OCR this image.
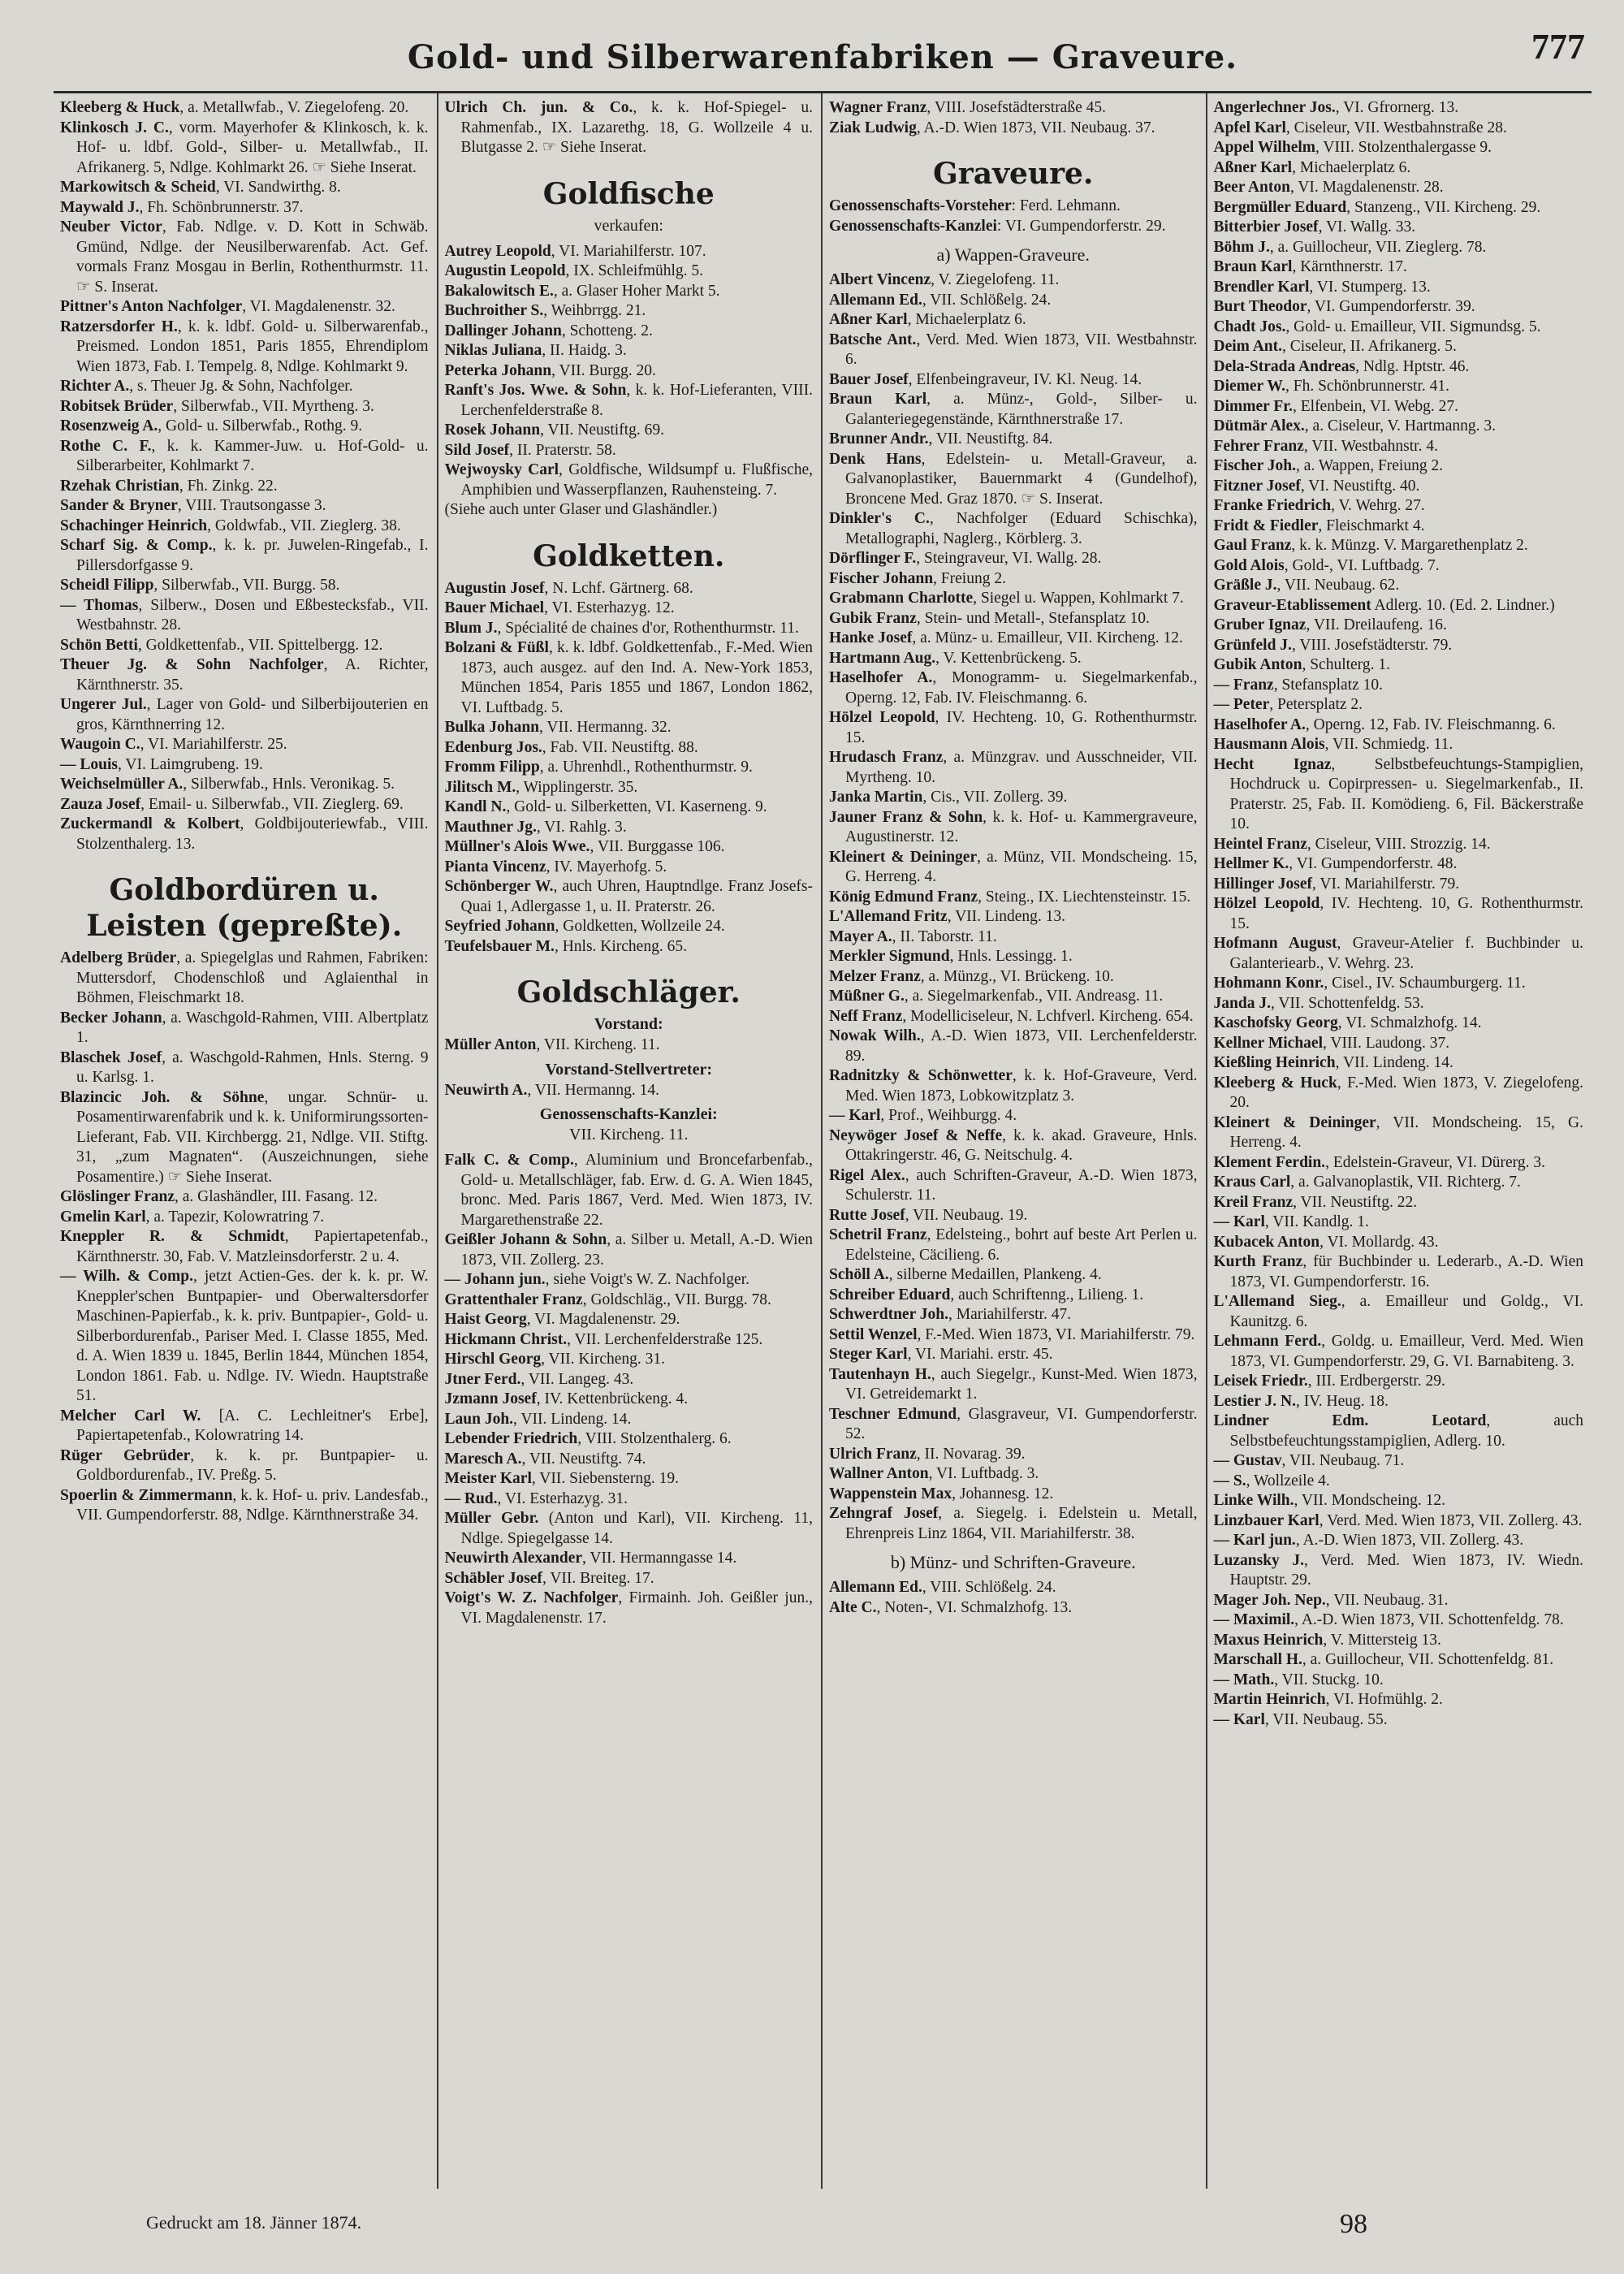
Gold- und Silberwarenfabriken — Graveure.	777

Kleeberg & Huck, a. Metallwfab., V. Ziegelofeng. 20.

Klinkosch J. C., vorm. Mayerhofer & Klinkosch, k. k. Hof- u. ldbf. Gold-, Silber- u. Metallwfab., II. Afrikanerg. 5, Ndlge. Kohlmarkt 26. ☞ Siehe Inserat.

Markowitsch & Scheid, VI. Sandwirthg. 8.

Maywald J., Fh. Schönbrunnerstr. 37.

Neuber Victor, Fab. Ndlge. v. D. Kott in Schwäb. Gmünd, Ndlge. der Neusilberwarenfab. Act. Gef. vormals Franz Mosgau in Berlin, Rothenthurmstr. 11. ☞ S. Inserat.

Pittner's Anton Nachfolger, VI. Magdalenenstr. 32.

Ratzersdorfer H., k. k. ldbf. Gold- u. Silberwarenfab., Preismed. London 1851, Paris 1855, Ehrendiplom Wien 1873, Fab. I. Tempelg. 8, Ndlge. Kohlmarkt 9.

Richter A., s. Theuer Jg. & Sohn, Nachfolger.

Robitsek Brüder, Silberwfab., VII. Myrtheng. 3.

Rosenzweig A., Gold- u. Silberwfab., Rothg. 9.

Rothe C. F., k. k. Kammer-Juw. u. Hof-Gold- u. Silberarbeiter, Kohlmarkt 7.

Rzehak Christian, Fh. Zinkg. 22.

Sander & Bryner, VIII. Trautsongasse 3.

Schachinger Heinrich, Goldwfab., VII. Zieglerg. 38.

Scharf Sig. & Comp., k. k. pr. Juwelen-Ringefab., I. Pillersdorfgasse 9.

Scheidl Filipp, Silberwfab., VII. Burgg. 58.

— Thomas, Silberw., Dosen und Eßbestecksfab., VII. Westbahnstr. 28.

Schön Betti, Goldkettenfab., VII. Spittelbergg. 12.

Theuer Jg. & Sohn Nachfolger, A. Richter, Kärnthnerstr. 35.

Ungerer Jul., Lager von Gold- und Silberbijouterien en gros, Kärnthnerring 12.

Waugoin C., VI. Mariahilferstr. 25.

— Louis, VI. Laimgrubeng. 19.

Weichselmüller A., Silberwfab., Hnls. Veronikag. 5.

Zauza Josef, Email- u. Silberwfab., VII. Zieglerg. 69.

Zuckermandl & Kolbert, Goldbijouteriewfab., VIII. Stolzenthalerg. 13.

Goldbordüren u. Leisten (gepreßte).

Adelberg Brüder, a. Spiegelglas und Rahmen, Fabriken: Muttersdorf, Chodenschloß und Aglaienthal in Böhmen, Fleischmarkt 18.

Becker Johann, a. Waschgold-Rahmen, VIII. Albertplatz 1.

Blaschek Josef, a. Waschgold-Rahmen, Hnls. Sterng. 9 u. Karlsg. 1.

Blazincic Joh. & Söhne, ungar. Schnür- u. Posamentirwarenfabrik und k. k. Uniformirungssorten-Lieferant, Fab. VII. Kirchbergg. 21, Ndlge. VII. Stiftg. 31, „zum Magnaten“. (Auszeichnungen, siehe Posamentire.) ☞ Siehe Inserat.

Glöslinger Franz, a. Glashändler, III. Fasang. 12.

Gmelin Karl, a. Tapezir, Kolowratring 7.

Kneppler R. & Schmidt, Papiertapetenfab., Kärnthnerstr. 30, Fab. V. Matzleinsdorferstr. 2 u. 4.

— Wilh. & Comp., jetzt Actien-Ges. der k. k. pr. W. Kneppler'schen Buntpapier- und Oberwaltersdorfer Maschinen-Papierfab., k. k. priv. Buntpapier-, Gold- u. Silberbordurenfab., Pariser Med. I. Classe 1855, Med. d. A. Wien 1839 u. 1845, Berlin 1844, München 1854, London 1861. Fab. u. Ndlge. IV. Wiedn. Hauptstraße 51.

Melcher Carl W. [A. C. Lechleitner's Erbe], Papiertapetenfab., Kolowratring 14.

Rüger Gebrüder, k. k. pr. Buntpapier- u. Goldbordurenfab., IV. Preßg. 5.

Spoerlin & Zimmermann, k. k. Hof- u. priv. Landesfab., VII. Gumpendorferstr. 88, Ndlge. Kärnthnerstraße 34.

Ulrich Ch. jun. & Co., k. k. Hof-Spiegel- u. Rahmenfab., IX. Lazarethg. 18, G. Wollzeile 4 u. Blutgasse 2. ☞ Siehe Inserat.

Goldfische
verkaufen:

Autrey Leopold, VI. Mariahilferstr. 107.

Augustin Leopold, IX. Schleifmühlg. 5.

Bakalowitsch E., a. Glaser Hoher Markt 5.

Buchroither S., Weihbrrgg. 21.

Dallinger Johann, Schotteng. 2.

Niklas Juliana, II. Haidg. 3.

Peterka Johann, VII. Burgg. 20.

Ranft's Jos. Wwe. & Sohn, k. k. Hof-Lieferanten, VIII. Lerchenfelderstraße 8.

Rosek Johann, VII. Neustiftg. 69.

Sild Josef, II. Praterstr. 58.

Wejwoysky Carl, Goldfische, Wildsumpf u. Flußfische, Amphibien und Wasserpflanzen, Rauhensteing. 7.

(Siehe auch unter Glaser und Glashändler.)

Goldketten.

Augustin Josef, N. Lchf. Gärtnerg. 68.

Bauer Michael, VI. Esterhazyg. 12.

Blum J., Spécialité de chaines d'or, Rothenthurmstr. 11.

Bolzani & Füßl, k. k. ldbf. Goldkettenfab., F.-Med. Wien 1873, auch ausgez. auf den Ind. A. New-York 1853, München 1854, Paris 1855 und 1867, London 1862, VI. Luftbadg. 5.

Bulka Johann, VII. Hermanng. 32.

Edenburg Jos., Fab. VII. Neustiftg. 88.

Fromm Filipp, a. Uhrenhdl., Rothenthurmstr. 9.

Jilitsch M., Wipplingerstr. 35.

Kandl N., Gold- u. Silberketten, VI. Kaserneng. 9.

Mauthner Jg., VI. Rahlg. 3.

Müllner's Alois Wwe., VII. Burggasse 106.

Pianta Vincenz, IV. Mayerhofg. 5.

Schönberger W., auch Uhren, Hauptndlge. Franz Josefs-Quai 1, Adlergasse 1, u. II. Praterstr. 26.

Seyfried Johann, Goldketten, Wollzeile 24.

Teufelsbauer M., Hnls. Kircheng. 65.

Goldschläger.
Vorstand:

Müller Anton, VII. Kircheng. 11.

Vorstand-Stellvertreter:

Neuwirth A., VII. Hermanng. 14.

Genossenschafts-Kanzlei:
VII. Kircheng. 11.

Falk C. & Comp., Aluminium und Broncefarbenfab., Gold- u. Metallschläger, fab. Erw. d. G. A. Wien 1845, bronc. Med. Paris 1867, Verd. Med. Wien 1873, IV. Margarethenstraße 22.

Geißler Johann & Sohn, a. Silber u. Metall, A.-D. Wien 1873, VII. Zollerg. 23.

— Johann jun., siehe Voigt's W. Z. Nachfolger.

Grattenthaler Franz, Goldschläg., VII. Burgg. 78.

Haist Georg, VI. Magdalenenstr. 29.

Hickmann Christ., VII. Lerchenfelderstraße 125.

Hirschl Georg, VII. Kircheng. 31.

Jtner Ferd., VII. Langeg. 43.

Jzmann Josef, IV. Kettenbrückeng. 4.

Laun Joh., VII. Lindeng. 14.

Lebender Friedrich, VIII. Stolzenthalerg. 6.

Maresch A., VII. Neustiftg. 74.

Meister Karl, VII. Siebensterng. 19.

— Rud., VI. Esterhazyg. 31.

Müller Gebr. (Anton und Karl), VII. Kircheng. 11, Ndlge. Spiegelgasse 14.

Neuwirth Alexander, VII. Hermanngasse 14.

Schäbler Josef, VII. Breiteg. 17.

Voigt's W. Z. Nachfolger, Firmainh. Joh. Geißler jun., VI. Magdalenenstr. 17.

Wagner Franz, VIII. Josefstädterstraße 45.

Ziak Ludwig, A.-D. Wien 1873, VII. Neubaug. 37.

Graveure.

Genossenschafts-Vorsteher: Ferd. Lehmann.

Genossenschafts-Kanzlei: VI. Gumpendorferstr. 29.

a) Wappen-Graveure.

Albert Vincenz, V. Ziegelofeng. 11.

Allemann Ed., VII. Schlößelg. 24.

Aßner Karl, Michaelerplatz 6.

Batsche Ant., Verd. Med. Wien 1873, VII. Westbahnstr. 6.

Bauer Josef, Elfenbeingraveur, IV. Kl. Neug. 14.

Braun Karl, a. Münz-, Gold-, Silber- u. Galanteriegegenstände, Kärnthnerstraße 17.

Brunner Andr., VII. Neustiftg. 84.

Denk Hans, Edelstein- u. Metall-Graveur, a. Galvanoplastiker, Bauernmarkt 4 (Gundelhof), Broncene Med. Graz 1870. ☞ S. Inserat.

Dinkler's C., Nachfolger (Eduard Schischka), Metallographi, Naglerg., Körblerg. 3.

Dörflinger F., Steingraveur, VI. Wallg. 28.

Fischer Johann, Freiung 2.

Grabmann Charlotte, Siegel u. Wappen, Kohlmarkt 7.

Gubik Franz, Stein- und Metall-, Stefansplatz 10.

Hanke Josef, a. Münz- u. Emailleur, VII. Kircheng. 12.

Hartmann Aug., V. Kettenbrückeng. 5.

Haselhofer A., Monogramm- u. Siegelmarkenfab., Operng. 12, Fab. IV. Fleischmanng. 6.

Hölzel Leopold, IV. Hechteng. 10, G. Rothenthurmstr. 15.

Hrudasch Franz, a. Münzgrav. und Ausschneider, VII. Myrtheng. 10.

Janka Martin, Cis., VII. Zollerg. 39.

Jauner Franz & Sohn, k. k. Hof- u. Kammergraveure, Augustinerstr. 12.

Kleinert & Deininger, a. Münz, VII. Mondscheing. 15, G. Herreng. 4.

König Edmund Franz, Steing., IX. Liechtensteinstr. 15.

L'Allemand Fritz, VII. Lindeng. 13.

Mayer A., II. Taborstr. 11.

Merkler Sigmund, Hnls. Lessingg. 1.

Melzer Franz, a. Münzg., VI. Brückeng. 10.

Müßner G., a. Siegelmarkenfab., VII. Andreasg. 11.

Neff Franz, Modelliciseleur, N. Lchfverl. Kircheng. 654.

Nowak Wilh., A.-D. Wien 1873, VII. Lerchenfelderstr. 89.

Radnitzky & Schönwetter, k. k. Hof-Graveure, Verd. Med. Wien 1873, Lobkowitzplatz 3.

— Karl, Prof., Weihburgg. 4.

Neywöger Josef & Neffe, k. k. akad. Graveure, Hnls. Ottakringerstr. 46, G. Neitschulg. 4.

Rigel Alex., auch Schriften-Graveur, A.-D. Wien 1873, Schulerstr. 11.

Rutte Josef, VII. Neubaug. 19.

Schetril Franz, Edelsteing., bohrt auf beste Art Perlen u. Edelsteine, Cäcilieng. 6.

Schöll A., silberne Medaillen, Plankeng. 4.

Schreiber Eduard, auch Schriftenng., Lilieng. 1.

Schwerdtner Joh., Mariahilferstr. 47.

Settil Wenzel, F.-Med. Wien 1873, VI. Mariahilferstr. 79.

Steger Karl, VI. Mariahi. erstr. 45.

Tautenhayn H., auch Siegelgr., Kunst-Med. Wien 1873, VI. Getreidemarkt 1.

Teschner Edmund, Glasgraveur, VI. Gumpendorferstr. 52.

Ulrich Franz, II. Novarag. 39.

Wallner Anton, VI. Luftbadg. 3.

Wappenstein Max, Johannesg. 12.

Zehngraf Josef, a. Siegelg. i. Edelstein u. Metall, Ehrenpreis Linz 1864, VII. Mariahilferstr. 38.

b) Münz- und Schriften-Graveure.

Allemann Ed., VIII. Schlößelg. 24.

Alte C., Noten-, VI. Schmalzhofg. 13.

Angerlechner Jos., VI. Gfrornerg. 13.

Apfel Karl, Ciseleur, VII. Westbahnstraße 28.

Appel Wilhelm, VIII. Stolzenthalergasse 9.

Aßner Karl, Michaelerplatz 6.

Beer Anton, VI. Magdalenenstr. 28.

Bergmüller Eduard, Stanzeng., VII. Kircheng. 29.

Bitterbier Josef, VI. Wallg. 33.

Böhm J., a. Guillocheur, VII. Zieglerg. 78.

Braun Karl, Kärnthnerstr. 17.

Brendler Karl, VI. Stumperg. 13.

Burt Theodor, VI. Gumpendorferstr. 39.

Chadt Jos., Gold- u. Emailleur, VII. Sigmundsg. 5.

Deim Ant., Ciseleur, II. Afrikanerg. 5.

Dela-Strada Andreas, Ndlg. Hptstr. 46.

Diemer W., Fh. Schönbrunnerstr. 41.

Dimmer Fr., Elfenbein, VI. Webg. 27.

Dütmär Alex., a. Ciseleur, V. Hartmanng. 3.

Fehrer Franz, VII. Westbahnstr. 4.

Fischer Joh., a. Wappen, Freiung 2.

Fitzner Josef, VI. Neustiftg. 40.

Franke Friedrich, V. Wehrg. 27.

Fridt & Fiedler, Fleischmarkt 4.

Gaul Franz, k. k. Münzg. V. Margarethenplatz 2.

Gold Alois, Gold-, VI. Luftbadg. 7.

Gräßle J., VII. Neubaug. 62.

Graveur-Etablissement Adlerg. 10. (Ed. 2. Lindner.)

Gruber Ignaz, VII. Dreilaufeng. 16.

Grünfeld J., VIII. Josefstädterstr. 79.

Gubik Anton, Schulterg. 1.

— Franz, Stefansplatz 10.

— Peter, Petersplatz 2.

Haselhofer A., Operng. 12, Fab. IV. Fleischmanng. 6.

Hausmann Alois, VII. Schmiedg. 11.

Hecht Ignaz, Selbstbefeuchtungs-Stampiglien, Hochdruck u. Copirpressen- u. Siegelmarkenfab., II. Praterstr. 25, Fab. II. Komödieng. 6, Fil. Bäckerstraße 10.

Heintel Franz, Ciseleur, VIII. Strozzig. 14.

Hellmer K., VI. Gumpendorferstr. 48.

Hillinger Josef, VI. Mariahilferstr. 79.

Hölzel Leopold, IV. Hechteng. 10, G. Rothenthurmstr. 15.

Hofmann August, Graveur-Atelier f. Buchbinder u. Galanteriearb., V. Wehrg. 23.

Hohmann Konr., Cisel., IV. Schaumburgerg. 11.

Janda J., VII. Schottenfeldg. 53.

Kaschofsky Georg, VI. Schmalzhofg. 14.

Kellner Michael, VIII. Laudong. 37.

Kießling Heinrich, VII. Lindeng. 14.

Kleeberg & Huck, F.-Med. Wien 1873, V. Ziegelofeng. 20.

Kleinert & Deininger, VII. Mondscheing. 15, G. Herreng. 4.

Klement Ferdin., Edelstein-Graveur, VI. Dürerg. 3.

Kraus Carl, a. Galvanoplastik, VII. Richterg. 7.

Kreil Franz, VII. Neustiftg. 22.

— Karl, VII. Kandlg. 1.

Kubacek Anton, VI. Mollardg. 43.

Kurth Franz, für Buchbinder u. Lederarb., A.-D. Wien 1873, VI. Gumpendorferstr. 16.

L'Allemand Sieg., a. Emailleur und Goldg., VI. Kaunitzg. 6.

Lehmann Ferd., Goldg. u. Emailleur, Verd. Med. Wien 1873, VI. Gumpendorferstr. 29, G. VI. Barnabiteng. 3.

Leisek Friedr., III. Erdbergerstr. 29.

Lestier J. N., IV. Heug. 18.

Lindner Edm. Leotard, auch Selbstbefeuchtungsstampiglien, Adlerg. 10.

— Gustav, VII. Neubaug. 71.

— S., Wollzeile 4.

Linke Wilh., VII. Mondscheing. 12.

Linzbauer Karl, Verd. Med. Wien 1873, VII. Zollerg. 43.

— Karl jun., A.-D. Wien 1873, VII. Zollerg. 43.

Luzansky J., Verd. Med. Wien 1873, IV. Wiedn. Hauptstr. 29.

Mager Joh. Nep., VII. Neubaug. 31.

— Maximil., A.-D. Wien 1873, VII. Schottenfeldg. 78.

Maxus Heinrich, V. Mittersteig 13.

Marschall H., a. Guillocheur, VII. Schottenfeldg. 81.

— Math., VII. Stuckg. 10.

Martin Heinrich, VI. Hofmühlg. 2.

— Karl, VII. Neubaug. 55.

Gedruckt am 18. Jänner 1874.	98
